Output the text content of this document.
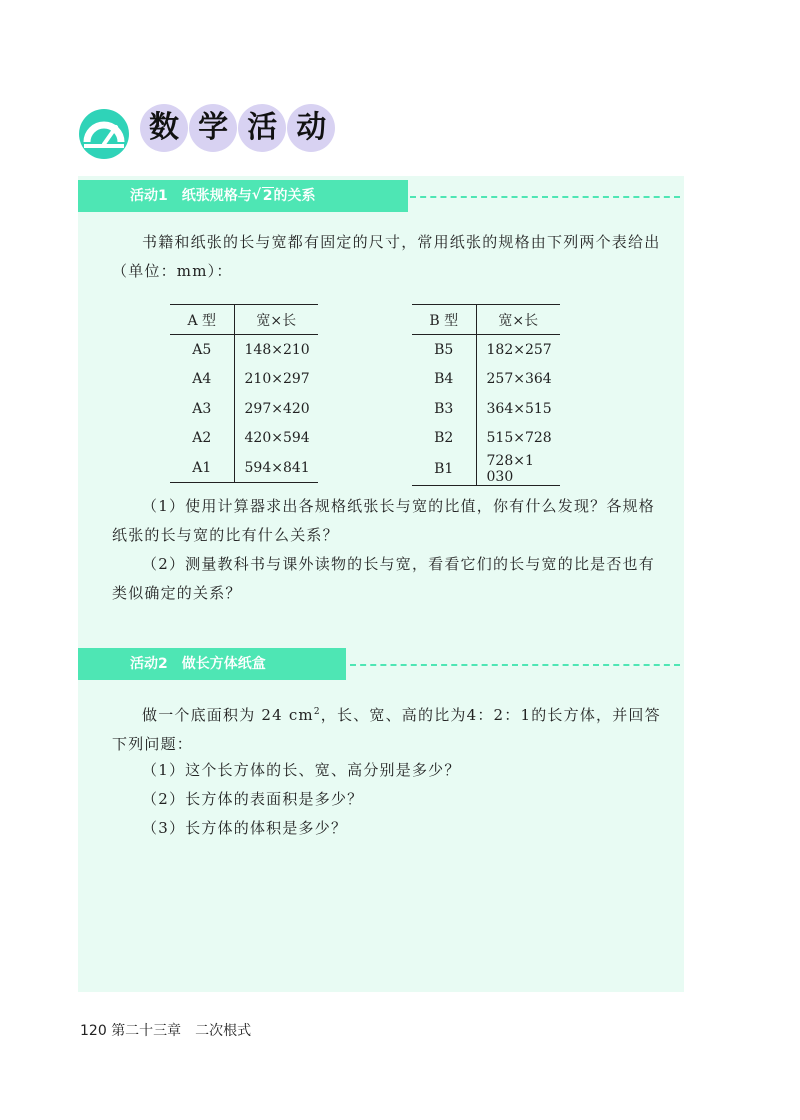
数 学 活 动
活动1　纸张规格与 √ 2的关系
书籍和纸张的长与宽都有固定的尺寸，常用纸张的规格由下列两个表给出（单位：mm）：
A 型	宽×长
A5	148×210
A4	210×297
A3	297×420
A2	420×594
A1	594×841
B 型	宽×长
B5	182×257
B4	257×364
B3	364×515
B2	515×728
B1	728×1 030
（1）使用计算器求出各规格纸张长与宽的比值，你有什么发现？各规格纸张的长与宽的比有什么关系？
（2）测量教科书与课外读物的长与宽，看看它们的长与宽的比是否也有类似确定的关系？
活动2　做长方体纸盒
做一个底面积为 24 $cm^2$，长、宽、高的比为4：2：1的长方体，并回答下列问题：
（1）这个长方体的长、宽、高分别是多少？
（2）长方体的表面积是多少？
（3）长方体的体积是多少？
120 第二十三章　二次根式
